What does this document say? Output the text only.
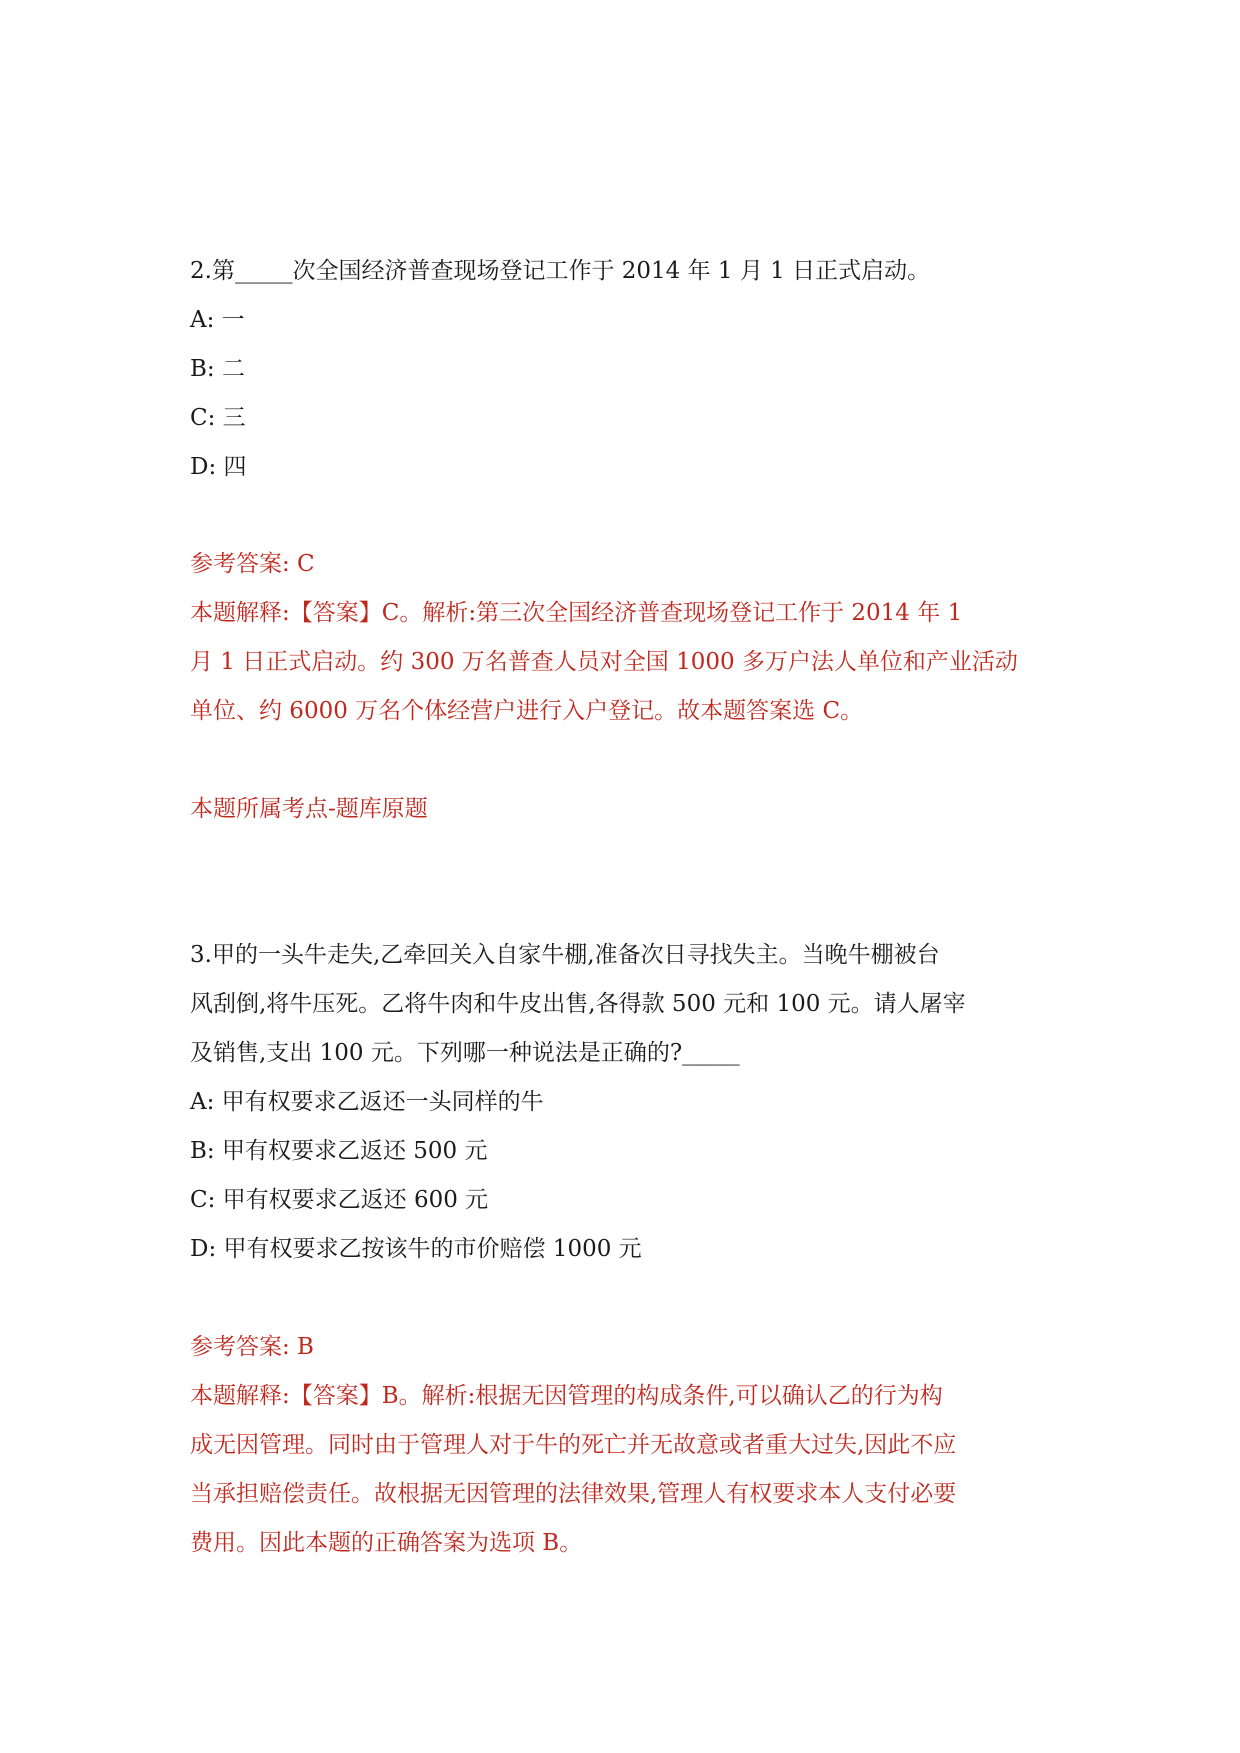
2.第_____次全国经济普查现场登记工作于 2014 年 1 月 1 日正式启动。
A: 一
B: 二
C: 三
D: 四
参考答案: C
本题解释:【答案】C。解析:第三次全国经济普查现场登记工作于 2014 年 1
月 1 日正式启动。约 300 万名普查人员对全国 1000 多万户法人单位和产业活动
单位、约 6000 万名个体经营户进行入户登记。故本题答案选 C。
本题所属考点-题库原题
3.甲的一头牛走失,乙牵回关入自家牛棚,准备次日寻找失主。当晚牛棚被台
风刮倒,将牛压死。乙将牛肉和牛皮出售,各得款 500 元和 100 元。请人屠宰
及销售,支出 100 元。下列哪一种说法是正确的?_____
A: 甲有权要求乙返还一头同样的牛
B: 甲有权要求乙返还 500 元
C: 甲有权要求乙返还 600 元
D: 甲有权要求乙按该牛的市价赔偿 1000 元
参考答案: B
本题解释:【答案】B。解析:根据无因管理的构成条件,可以确认乙的行为构
成无因管理。同时由于管理人对于牛的死亡并无故意或者重大过失,因此不应
当承担赔偿责任。故根据无因管理的法律效果,管理人有权要求本人支付必要
费用。因此本题的正确答案为选项 B。
